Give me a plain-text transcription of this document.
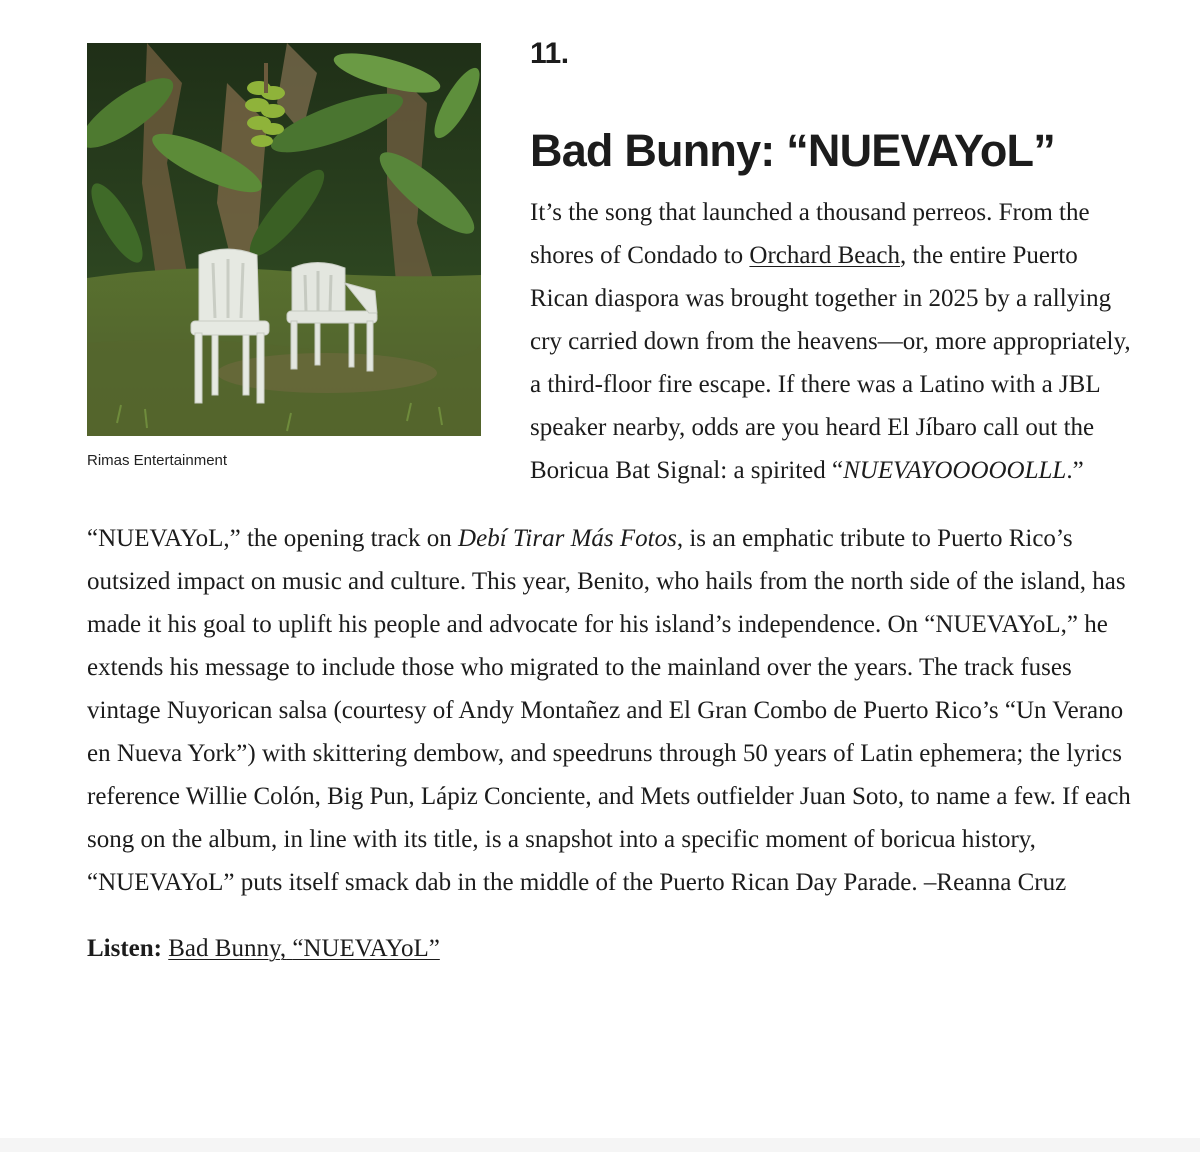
Rimas Entertainment
11.
Bad Bunny: “NUEVAYoL”

It’s the song that launched a thousand perreos. From the shores of Condado to Orchard Beach, the entire Puerto Rican diaspora was brought together in 2025 by a rallying cry carried down from the heavens—or, more appropriately, a third-floor fire escape. If there was a Latino with a JBL speaker nearby, odds are you heard El Jíbaro call out the Boricua Bat Signal: a spirited “NUEVAYOOOOOLLL.”

“NUEVAYoL,” the opening track on Debí Tirar Más Fotos, is an emphatic tribute to Puerto Rico’s outsized impact on music and culture. This year, Benito, who hails from the north side of the island, has made it his goal to uplift his people and advocate for his island’s independence. On “NUEVAYoL,” he extends his message to include those who migrated to the mainland over the years. The track fuses vintage Nuyorican salsa (courtesy of Andy Montañez and El Gran Combo de Puerto Rico’s “Un Verano en Nueva York”) with skittering dembow, and speedruns through 50 years of Latin ephemera; the lyrics reference Willie Colón, Big Pun, Lápiz Conciente, and Mets outfielder Juan Soto, to name a few. If each song on the album, in line with its title, is a snapshot into a specific moment of boricua history, “NUEVAYoL” puts itself smack dab in the middle of the Puerto Rican Day Parade. –Reanna Cruz

Listen: Bad Bunny, “NUEVAYoL”
